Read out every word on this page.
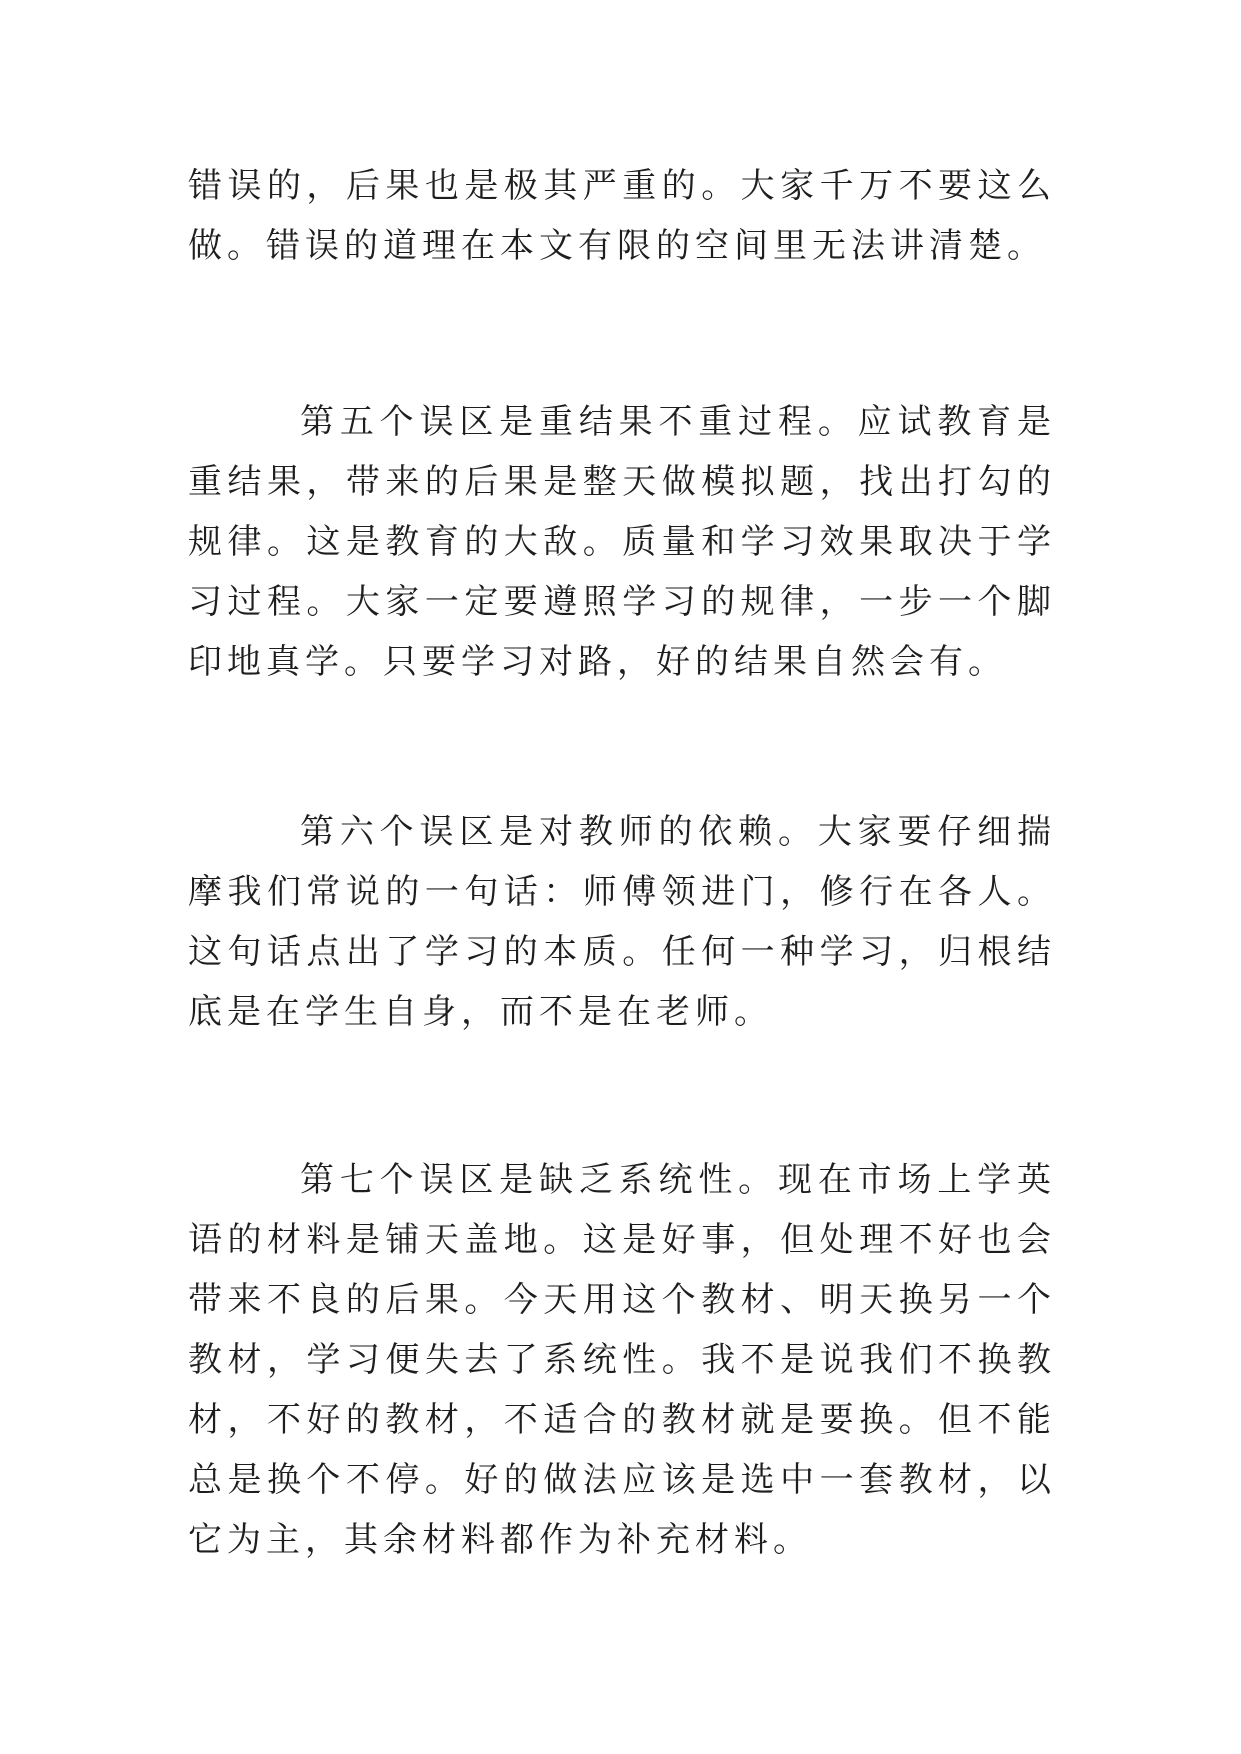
错误的，后果也是极其严重的。大家千万不要这么做。错误的道理在本文有限的空间里无法讲清楚。

第五个误区是重结果不重过程。应试教育是重结果，带来的后果是整天做模拟题，找出打勾的规律。这是教育的大敌。质量和学习效果取决于学习过程。大家一定要遵照学习的规律，一步一个脚印地真学。只要学习对路，好的结果自然会有。

第六个误区是对教师的依赖。大家要仔细揣摩我们常说的一句话：师傅领进门，修行在各人。这句话点出了学习的本质。任何一种学习，归根结底是在学生自身，而不是在老师。

第七个误区是缺乏系统性。现在市场上学英语的材料是铺天盖地。这是好事，但处理不好也会带来不良的后果。今天用这个教材、明天换另一个教材，学习便失去了系统性。我不是说我们不换教材，不好的教材，不适合的教材就是要换。但不能总是换个不停。好的做法应该是选中一套教材，以它为主，其余材料都作为补充材料。
